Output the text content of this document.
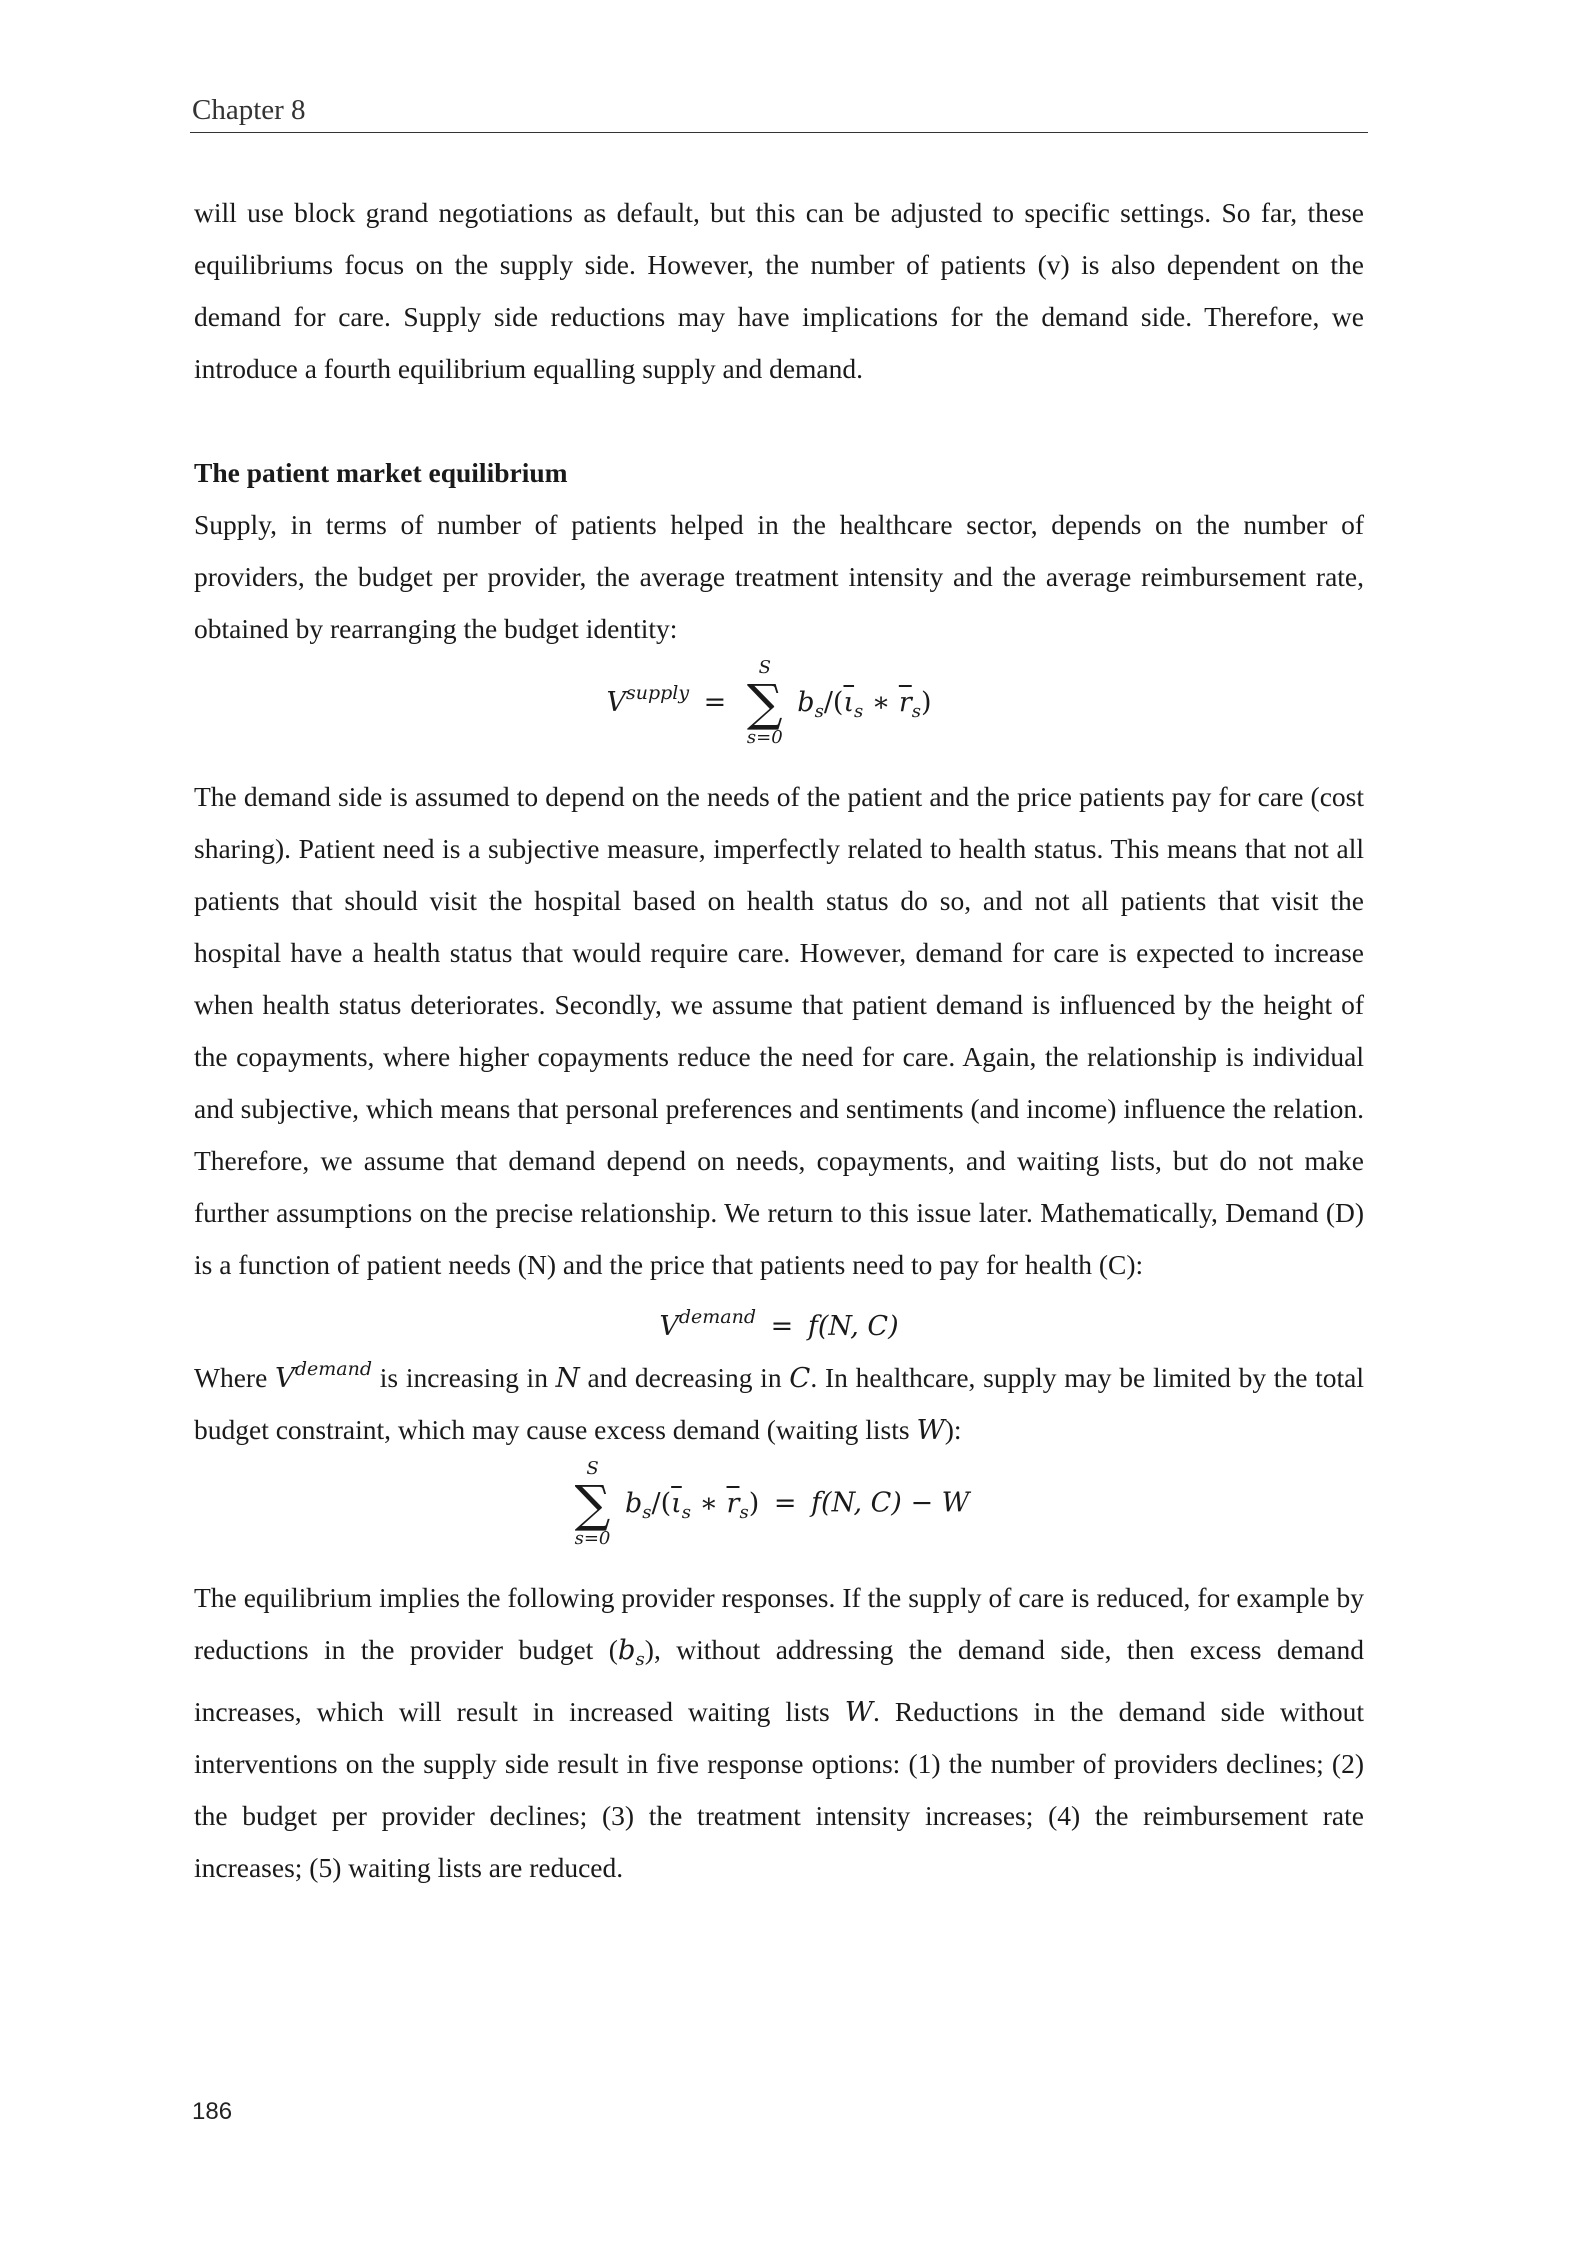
Chapter 8

will use block grand negotiations as default, but this can be adjusted to specific settings. So far, these equilibriums focus on the supply side. However, the number of patients (v) is also dependent on the demand for care. Supply side reductions may have implications for the demand side. Therefore, we introduce a fourth equilibrium equalling supply and demand.

The patient market equilibrium

Supply, in terms of number of patients helped in the healthcare sector, depends on the number of providers, the budget per provider, the average treatment intensity and the average reimbursement rate, obtained by rearranging the budget identity:

$V^{supply}$ =
S
∑
s=0
$b_s/(\overline{\iota}_s$ ∗ $\overline{r}_s$)

The demand side is assumed to depend on the needs of the patient and the price patients pay for care (cost sharing). Patient need is a subjective measure, imperfectly related to health status. This means that not all patients that should visit the hospital based on health status do so, and not all patients that visit the hospital have a health status that would require care. However, demand for care is expected to increase when health status deteriorates. Secondly, we assume that patient demand is influenced by the height of the copayments, where higher copayments reduce the need for care. Again, the relationship is individual and subjective, which means that personal preferences and sentiments (and income) influence the relation. Therefore, we assume that demand depend on needs, copayments, and waiting lists, but do not make further assumptions on the precise relationship. We return to this issue later. Mathematically, Demand (D) is a function of patient needs (N) and the price that patients need to pay for health (C):

$V^{demand} = f(N$, C)

Where $V^{demand}$ is increasing in N and decreasing in C. In healthcare, supply may be limited by the total budget constraint, which may cause excess demand (waiting lists W):

S
∑
s=0
$b_s/(\overline{\iota}_s$ ∗ $\overline{r}_s) = f(N$, C) − W

The equilibrium implies the following provider responses. If the supply of care is reduced, for example by reductions in the provider budget $(b_s)$, without addressing the demand side, then excess demand increases, which will result in increased waiting lists W. Reductions in the demand side without interventions on the supply side result in five response options: (1) the number of providers declines; (2) the budget per provider declines; (3) the treatment intensity increases; (4) the reimbursement rate increases; (5) waiting lists are reduced.

186
